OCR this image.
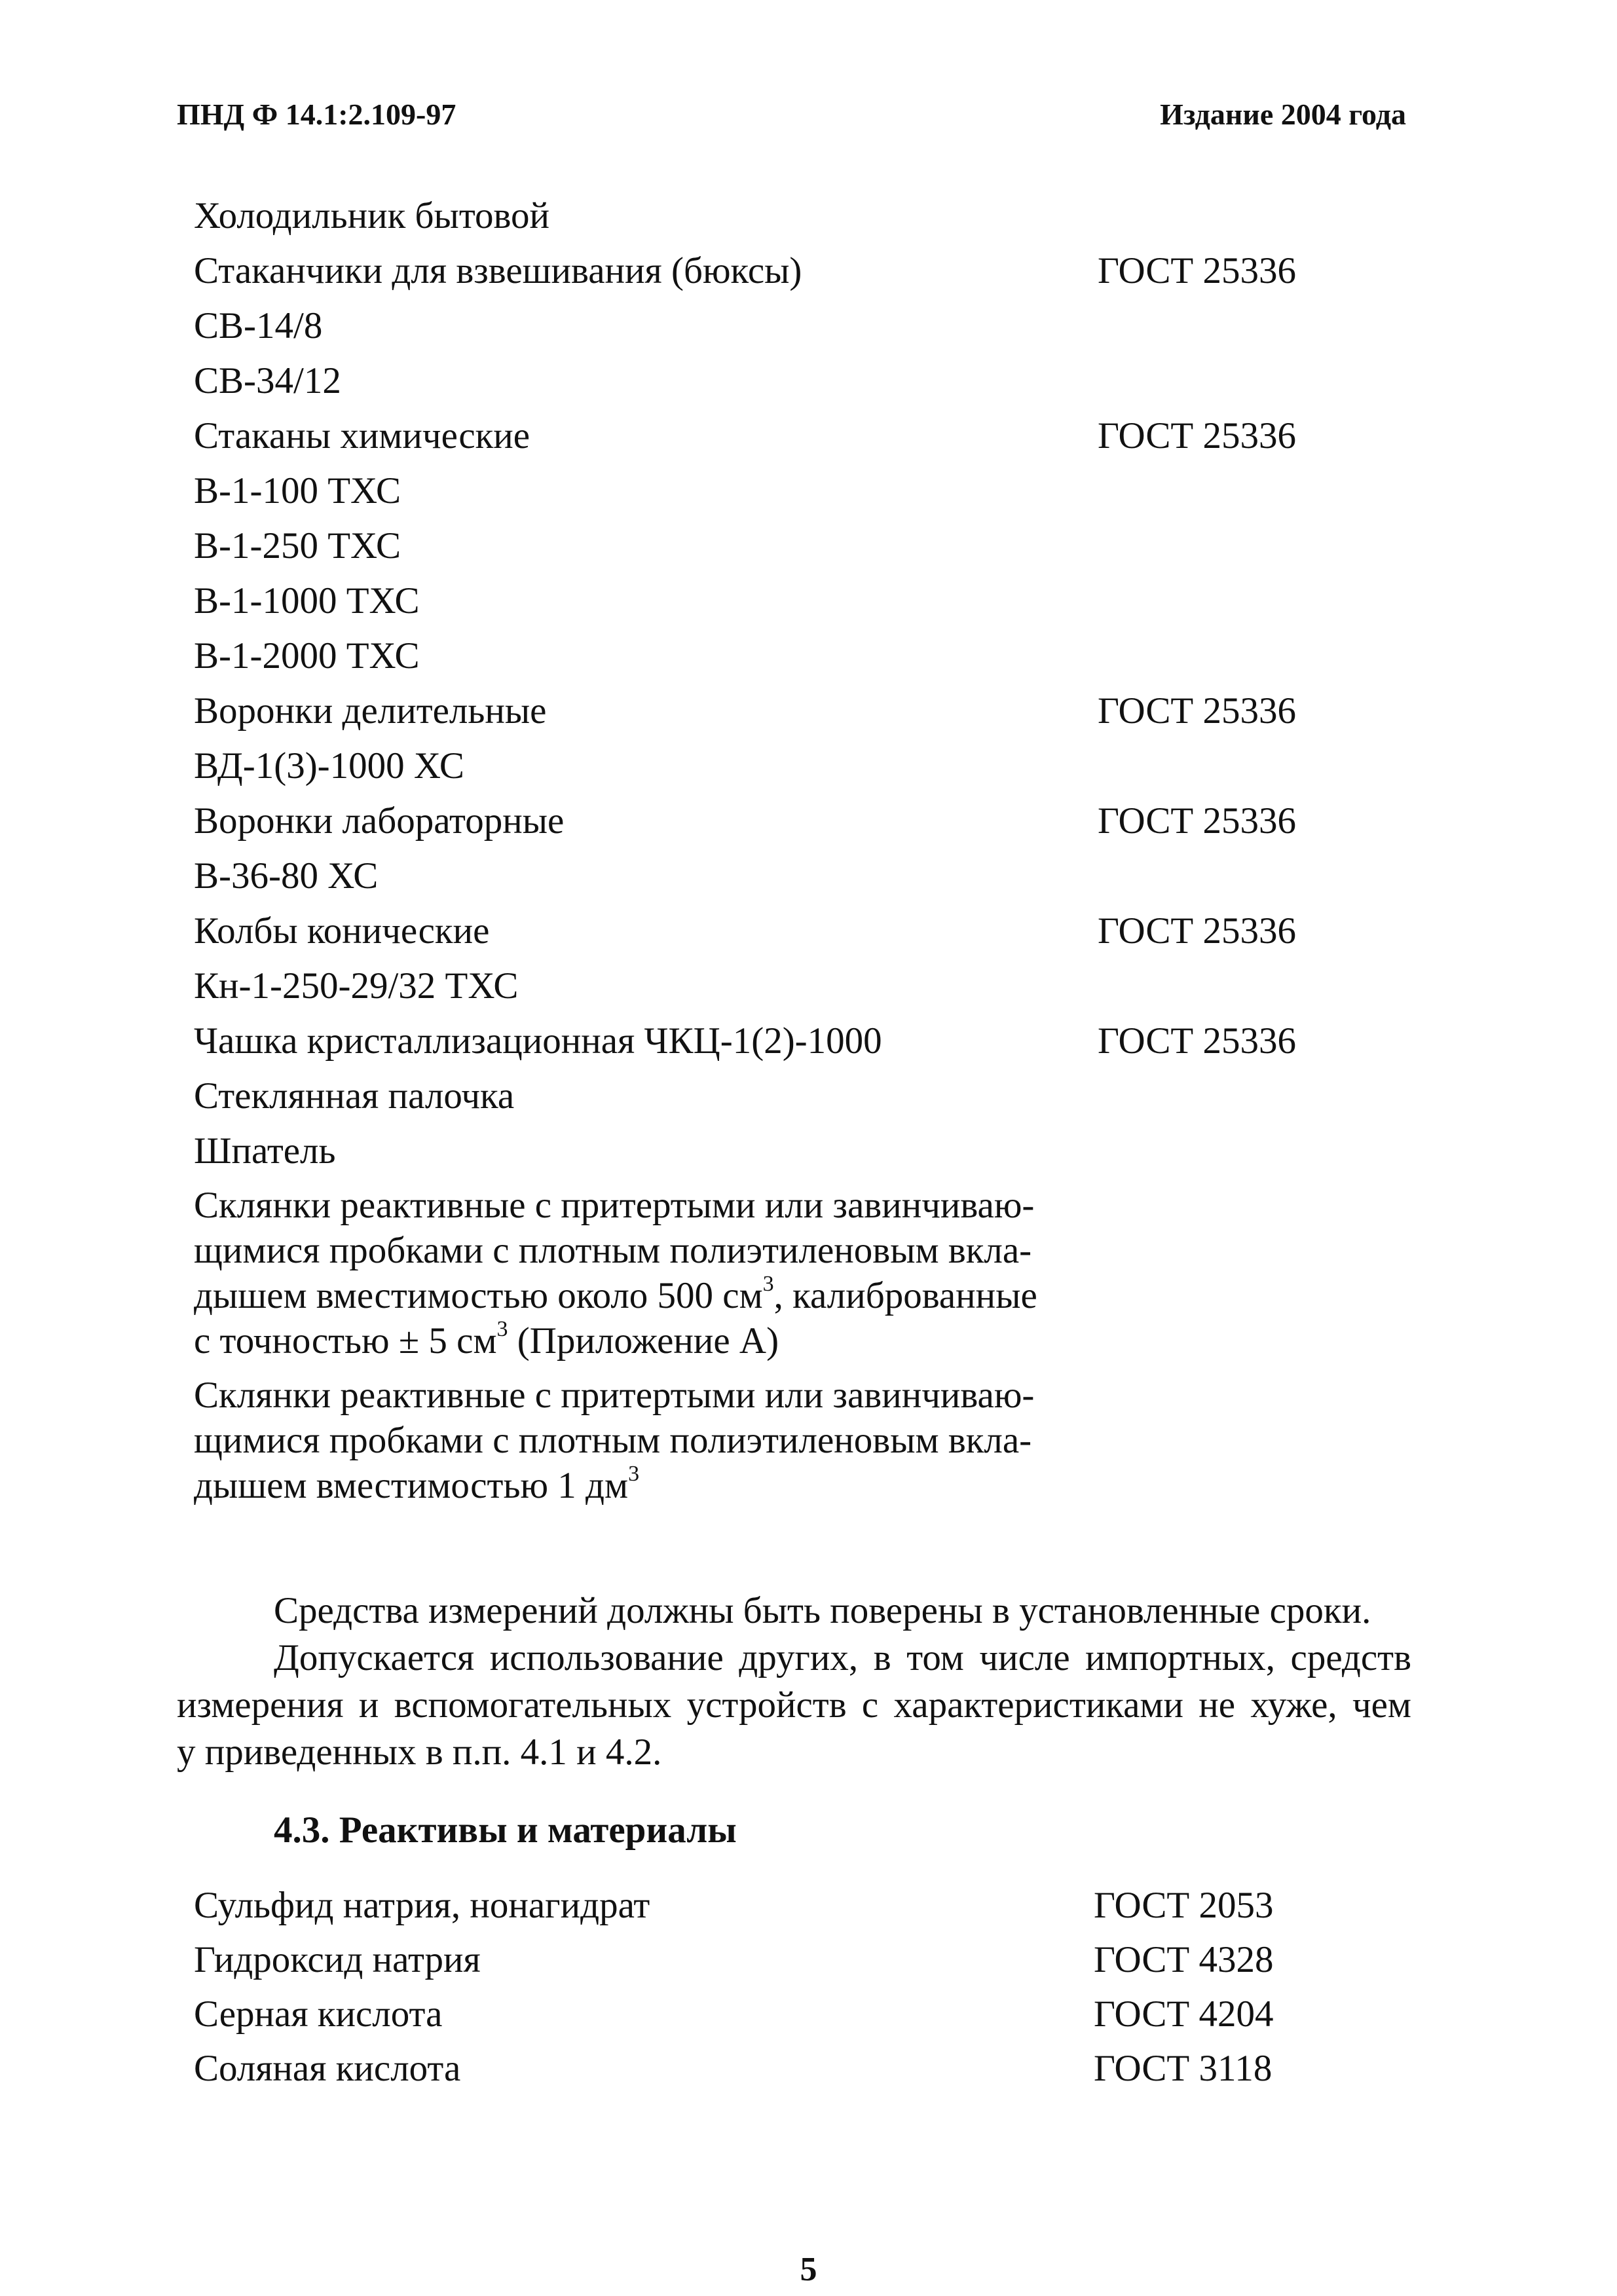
ПНД Ф 14.1:2.109-97	Издание 2004 года
Холодильник бытовой
Стаканчики для взвешивания (бюксы)	ГОСТ 25336
СВ-14/8
СВ-34/12
Стаканы химические	ГОСТ 25336
В-1-100 ТХС
В-1-250 ТХС
В-1-1000 ТХС
В-1-2000 ТХС
Воронки делительные	ГОСТ 25336
ВД-1(3)-1000 ХС
Воронки лабораторные	ГОСТ 25336
В-36-80 ХС
Колбы конические	ГОСТ 25336
Кн-1-250-29/32 ТХС
Чашка кристаллизационная ЧКЦ-1(2)-1000	ГОСТ 25336
Стеклянная палочка
Шпатель
Склянки реактивные с притертыми или завинчиваю-
щимися пробками с плотным полиэтиленовым вкла-
дышем вместимостью около 500 $см^3$, калиброванные
с точностью ± 5 $см^3$ (Приложение А)
Склянки реактивные с притертыми или завинчиваю-
щимися пробками с плотным полиэтиленовым вкла-
дышем вместимостью 1 $дм^3$
Средства измерений должны быть поверены в установленные сроки.
Допускается использование других, в том числе импортных, средств
измерения и вспомогательных устройств с характеристиками не хуже, чем
у приведенных в п.п. 4.1 и 4.2.
4.3. Реактивы и материалы
Сульфид натрия, нонагидрат	ГОСТ 2053
Гидроксид натрия	ГОСТ 4328
Серная кислота	ГОСТ 4204
Соляная кислота	ГОСТ 3118
5
